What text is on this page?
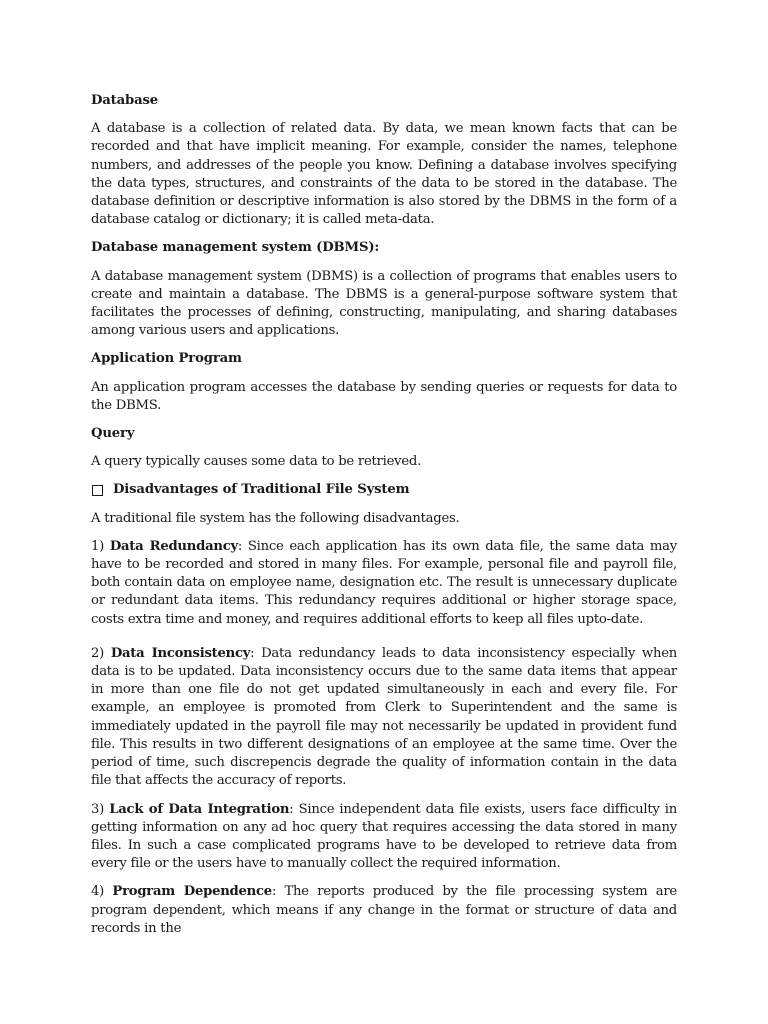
Database

A database is a collection of related data. By data, we mean known facts that can be recorded and that have implicit meaning. For example, consider the names, telephone numbers, and addresses of the people you know. Defining a database involves specifying the data types, structures, and constraints of the data to be stored in the database. The database definition or descriptive information is also stored by the DBMS in the form of a database catalog or dictionary; it is called meta-data.

Database management system (DBMS):

A database management system (DBMS) is a collection of programs that enables users to create and maintain a database. The DBMS is a general-purpose software system that facilitates the processes of defining, constructing, manipulating, and sharing databases among various users and applications.

Application Program

An application program accesses the database by sending queries or requests for data to the DBMS.

Query

A query typically causes some data to be retrieved.

Disadvantages of Traditional File System

A traditional file system has the following disadvantages.

1) Data Redundancy: Since each application has its own data file, the same data may have to be recorded and stored in many files. For example, personal file and payroll file, both contain data on employee name, designation etc. The result is unnecessary duplicate or redundant data items. This redundancy requires additional or higher storage space, costs extra time and money, and requires additional efforts to keep all files upto-date.

2) Data Inconsistency: Data redundancy leads to data inconsistency especially when data is to be updated. Data inconsistency occurs due to the same data items that appear in more than one file do not get updated simultaneously in each and every file. For example, an employee is promoted from Clerk to Superintendent and the same is immediately updated in the payroll file may not necessarily be updated in provident fund file. This results in two different designations of an employee at the same time. Over the period of time, such discrepencis degrade the quality of information contain in the data file that affects the accuracy of reports.

3) Lack of Data Integration: Since independent data file exists, users face difficulty in getting information on any ad hoc query that requires accessing the data stored in many files. In such a case complicated programs have to be developed to retrieve data from every file or the users have to manually collect the required information.

4) Program Dependence: The reports produced by the file processing system are program dependent, which means if any change in the format or structure of data and records in the
